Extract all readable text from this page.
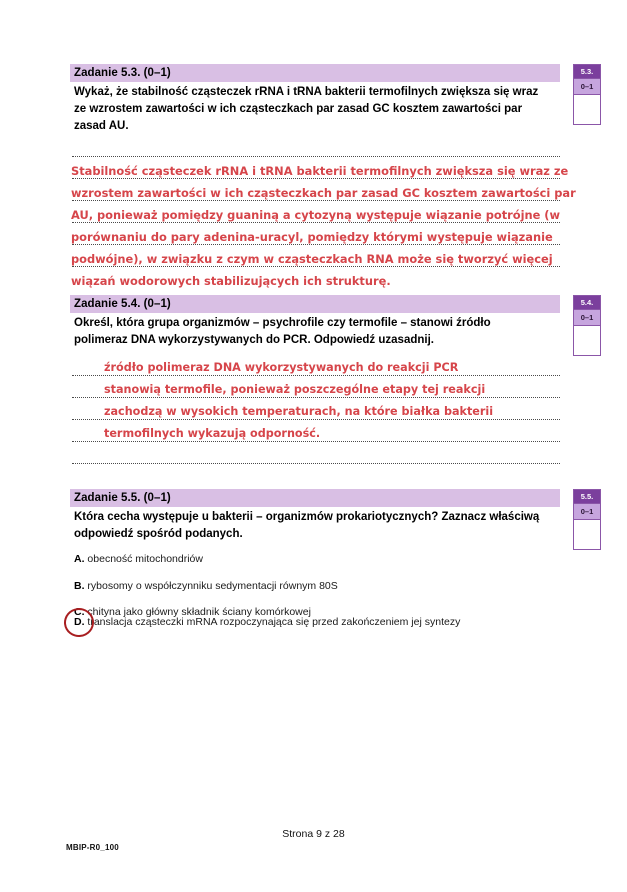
Zadanie 5.3. (0–1)
Wykaż, że stabilność cząsteczek rRNA i tRNA bakterii termofilnych zwiększa się wraz
ze wzrostem zawartości w ich cząsteczkach par zasad GC kosztem zawartości par
zasad AU.
5.3.
0–1
Stabilność cząsteczek rRNA i tRNA bakterii termofilnych zwiększa się wraz ze
wzrostem zawartości w ich cząsteczkach par zasad GC kosztem zawartości par
AU, ponieważ pomiędzy guaniną a cytozyną występuje wiązanie potrójne (w
porównaniu do pary adenina-uracyl, pomiędzy którymi występuje wiązanie
podwójne), w związku z czym w cząsteczkach RNA może się tworzyć więcej
wiązań wodorowych stabilizujących ich strukturę.
Zadanie 5.4. (0–1)
Określ, która grupa organizmów – psychrofile czy termofile – stanowi źródło
polimeraz DNA wykorzystywanych do PCR. Odpowiedź uzasadnij.
5.4.
0–1
źródło polimeraz DNA wykorzystywanych do reakcji PCR
stanowią termofile, ponieważ poszczególne etapy tej reakcji
zachodzą w wysokich temperaturach, na które białka bakterii
termofilnych wykazują odporność.
Zadanie 5.5. (0–1)
Która cecha występuje u bakterii – organizmów prokariotycznych? Zaznacz właściwą
odpowiedź spośród podanych.
5.5.
0–1
A. obecność mitochondriów
B. rybosomy o współczynniku sedymentacji równym 80S
C. chityna jako główny składnik ściany komórkowej
D. translacja cząsteczki mRNA rozpoczynająca się przed zakończeniem jej syntezy
Strona 9 z 28
MBIP-R0_100
